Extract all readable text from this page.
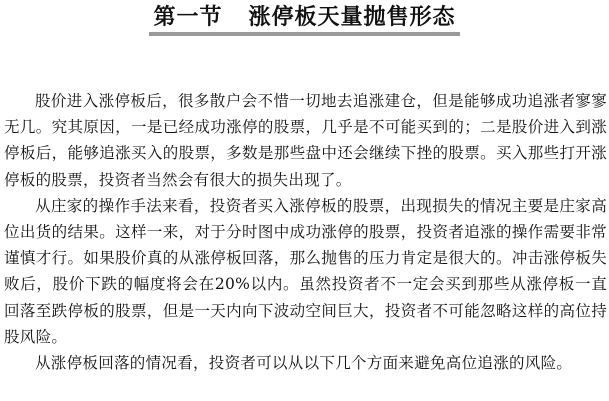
第一节 涨停板天量抛售形态

股价进入涨停板后，很多散户会不惜一切地去追涨建仓，但是能够成功追涨者寥寥无几。究其原因，一是已经成功涨停的股票，几乎是不可能买到的；二是股价进入到涨停板后，能够追涨买入的股票，多数是那些盘中还会继续下挫的股票。买入那些打开涨停板的股票，投资者当然会有很大的损失出现了。

从庄家的操作手法来看，投资者买入涨停板的股票，出现损失的情况主要是庄家高位出货的结果。这样一来，对于分时图中成功涨停的股票，投资者追涨的操作需要非常谨慎才行。如果股价真的从涨停板回落，那么抛售的压力肯定是很大的。冲击涨停板失败后，股价下跌的幅度将会在20%以内。虽然投资者不一定会买到那些从涨停板一直回落至跌停板的股票，但是一天内向下波动空间巨大，投资者不可能忽略这样的高位持股风险。

从涨停板回落的情况看，投资者可以从以下几个方面来避免高位追涨的风险。
